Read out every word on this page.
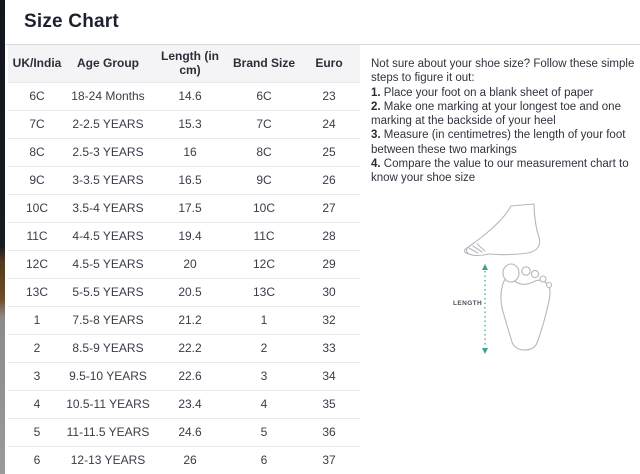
Size Chart
UK/India	Age Group	Length (in cm)	Brand Size	Euro
6C	18-24 Months	14.6	6C	23
7C	2-2.5 YEARS	15.3	7C	24
8C	2.5-3 YEARS	16	8C	25
9C	3-3.5 YEARS	16.5	9C	26
10C	3.5-4 YEARS	17.5	10C	27
11C	4-4.5 YEARS	19.4	11C	28
12C	4.5-5 YEARS	20	12C	29
13C	5-5.5 YEARS	20.5	13C	30
1	7.5-8 YEARS	21.2	1	32
2	8.5-9 YEARS	22.2	2	33
3	9.5-10 YEARS	22.6	3	34
4	10.5-11 YEARS	23.4	4	35
5	11-11.5 YEARS	24.6	5	36
6	12-13 YEARS	26	6	37

Not sure about your shoe size? Follow these simple steps to figure it out:

1. Place your foot on a blank sheet of paper

2. Make one marking at your longest toe and one marking at the backside of your heel

3. Measure (in centimetres) the length of your foot between these two markings

4. Compare the value to our measurement chart to know your shoe size

LENGTH
